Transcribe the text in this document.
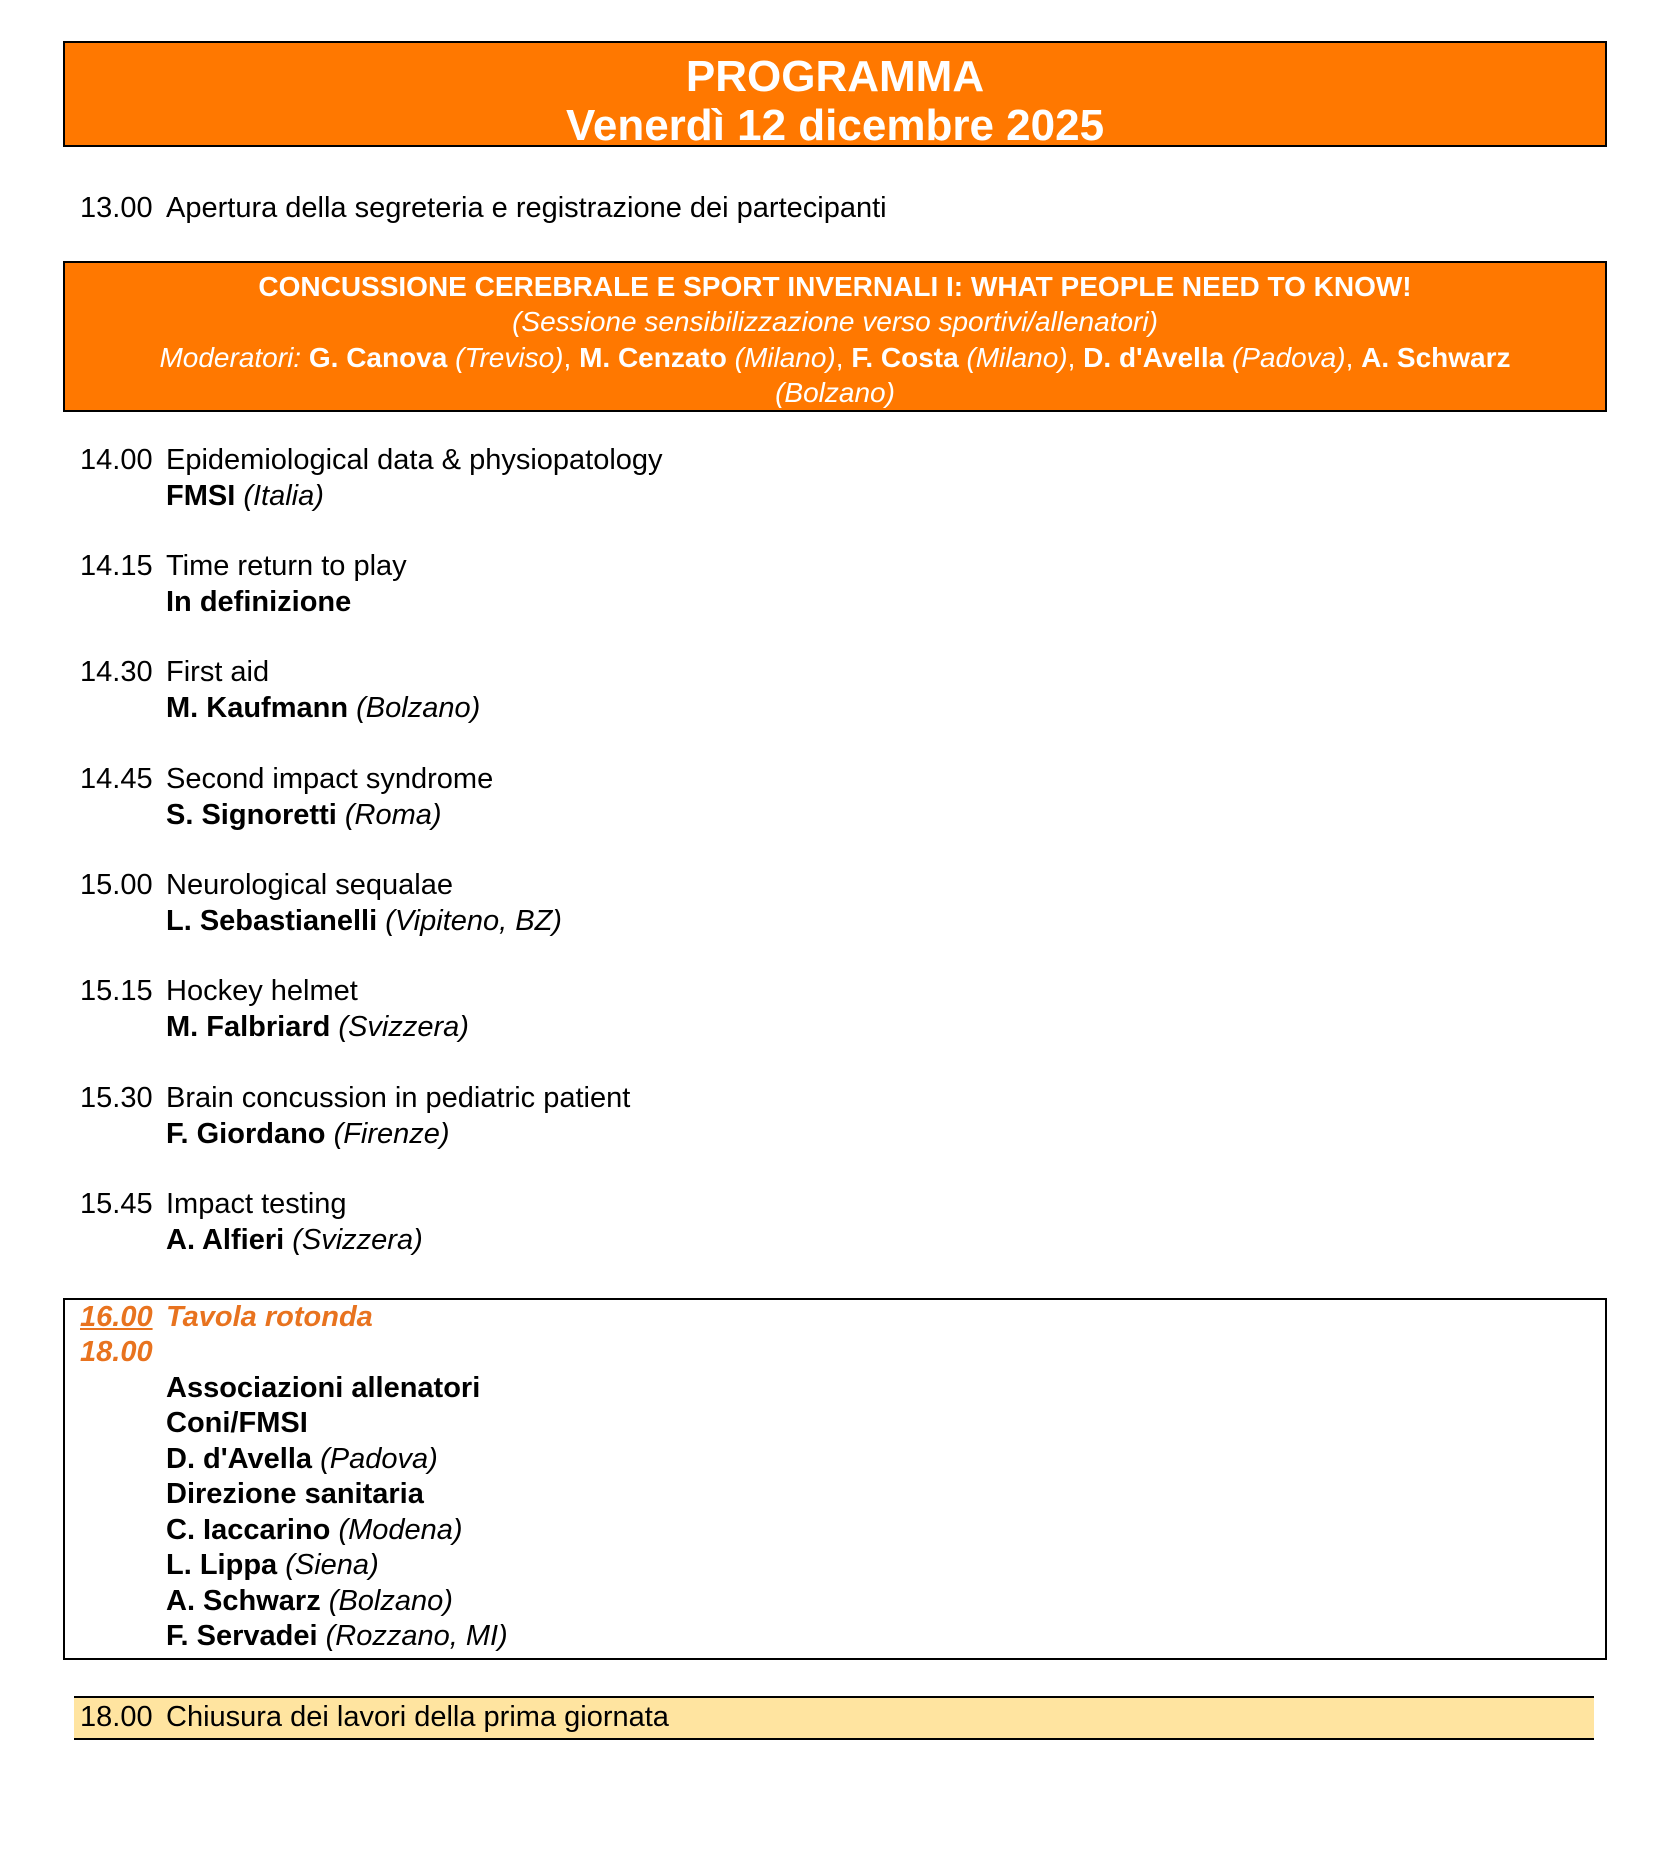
PROGRAMMA
Venerdì 12 dicembre 2025
13.00 Apertura della segreteria e registrazione dei partecipanti
CONCUSSIONE CEREBRALE E SPORT INVERNALI I: WHAT PEOPLE NEED TO KNOW!
(Sessione sensibilizzazione verso sportivi/allenatori)
Moderatori: G. Canova (Treviso), M. Cenzato (Milano), F. Costa (Milano), D. d'Avella (Padova), A. Schwarz
(Bolzano)
14.00 Epidemiological data & physiopatology
FMSI (Italia)
14.15 Time return to play
In definizione
14.30 First aid
M. Kaufmann (Bolzano)
14.45 Second impact syndrome
S. Signoretti (Roma)
15.00 Neurological sequalae
L. Sebastianelli (Vipiteno, BZ)
15.15 Hockey helmet
M. Falbriard (Svizzera)
15.30 Brain concussion in pediatric patient
F. Giordano (Firenze)
15.45 Impact testing
A. Alfieri (Svizzera)
16.00 Tavola rotonda
18.00
Associazioni allenatori
Coni/FMSI
D. d'Avella (Padova)
Direzione sanitaria
C. Iaccarino (Modena)
L. Lippa (Siena)
A. Schwarz (Bolzano)
F. Servadei (Rozzano, MI)
18.00 Chiusura dei lavori della prima giornata
